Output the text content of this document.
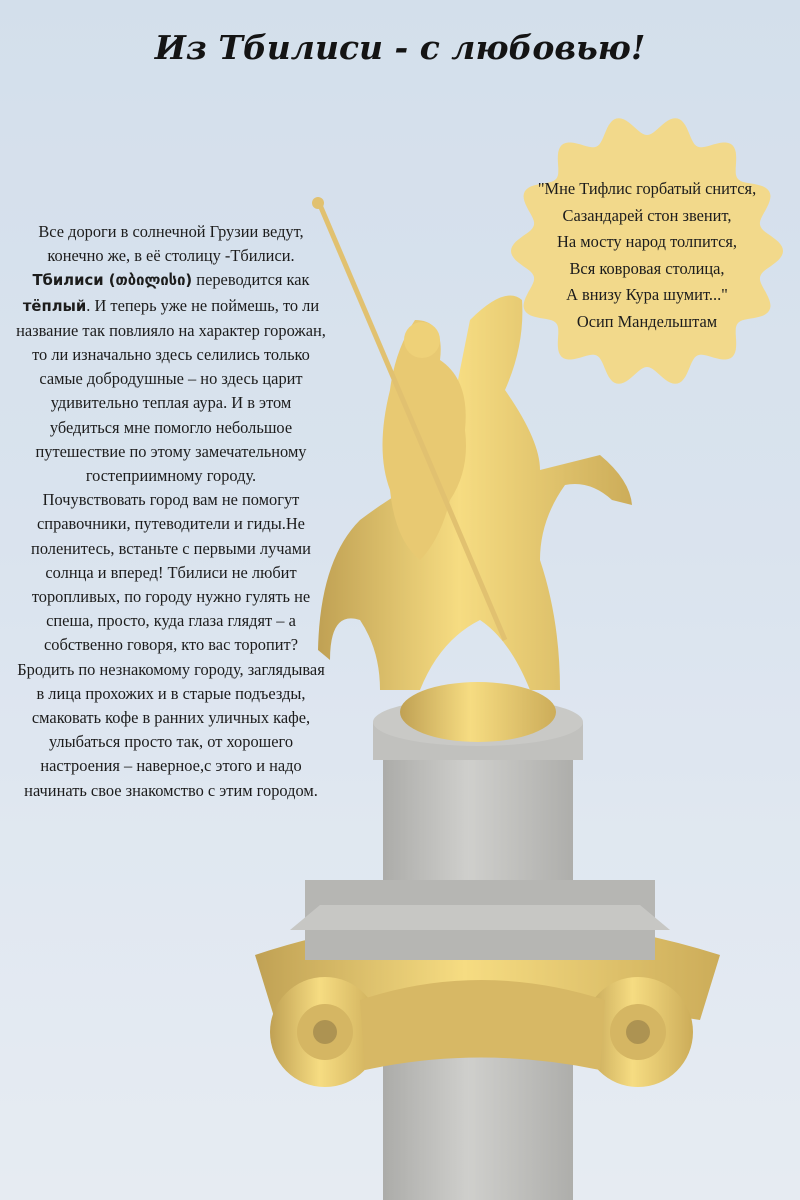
Из Тбилиси - с любовью!

Все дороги в солнечной Грузии ведут, конечно же, в её столицу -Тбилиси.

Тбилиси (თბილისი) переводится как тёплый. И теперь уже не поймешь, то ли название так повлияло на характер горожан, то ли изначально здесь селились только самые добродушные – но здесь царит удивительно теплая аура. И в этом убедиться мне помогло небольшое путешествие по этому замечательному гостеприимному городу.

Почувствовать город вам не помогут справочники, путеводители и гиды.Не поленитесь, встаньте с первыми лучами солнца и вперед! Тбилиси не любит торопливых, по городу нужно гулять не спеша, просто, куда глаза глядят – а собственно говоря, кто вас торопит? Бродить по незнакомому городу, заглядывая в лица прохожих и в старые подъезды, смаковать кофе в ранних уличных кафе, улыбаться просто так, от хорошего настроения – наверное,с этого и надо начинать свое знакомство с этим городом.

"Мне Тифлис горбатый снится,
Сазандарей стон звенит,
На мосту народ толпится,
Вся ковровая столица,
А внизу Кура шумит..."
Осип Мандельштам
